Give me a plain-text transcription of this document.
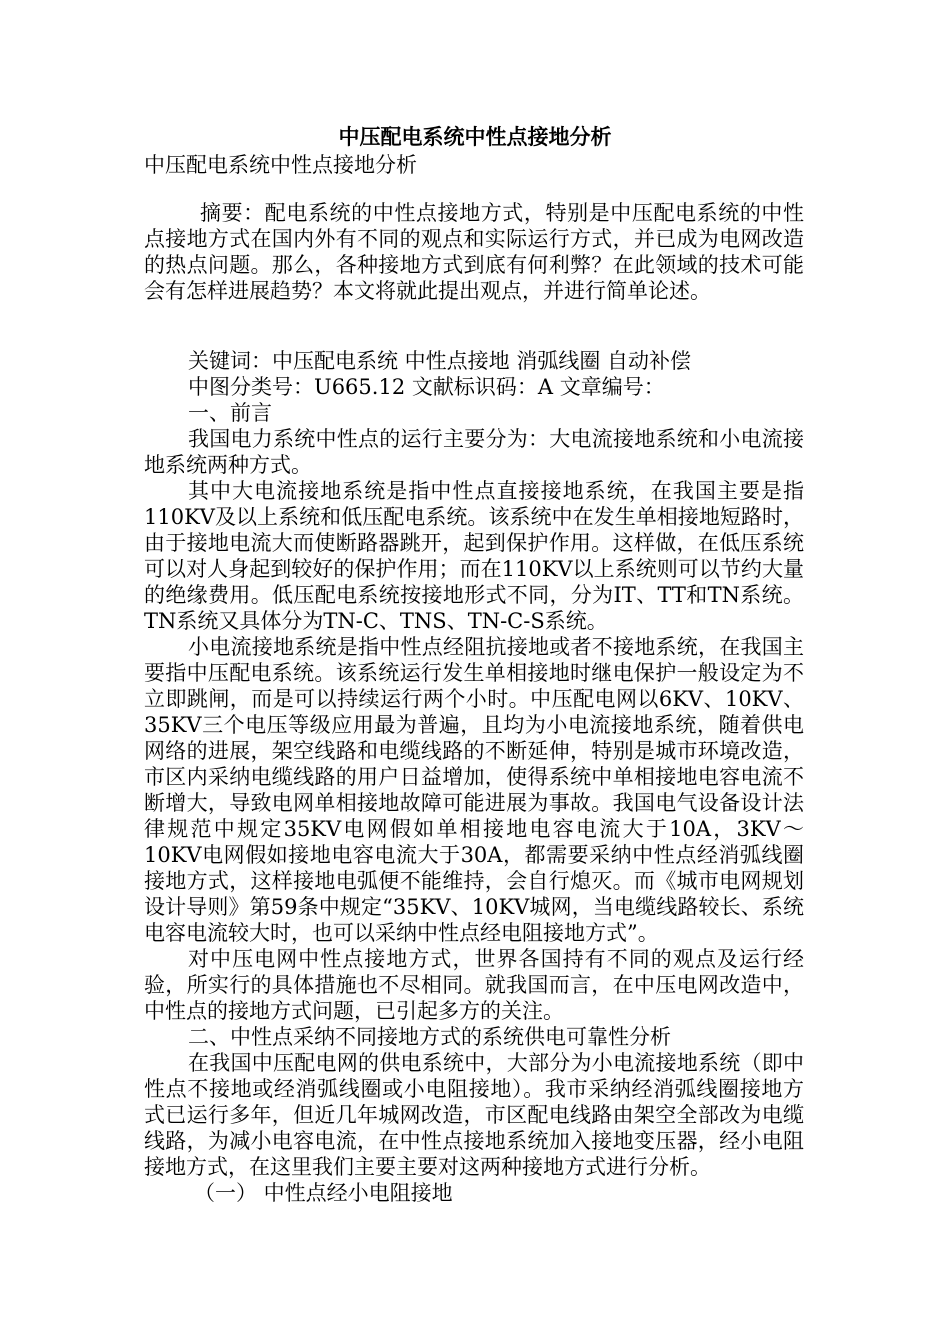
中压配电系统中性点接地分析
中压配电系统中性点接地分析

摘要：配电系统的中性点接地方式，特别是中压配电系统的中性点接地方式在国内外有不同的观点和实际运行方式，并已成为电网改造的热点问题。那么，各种接地方式到底有何利弊？在此领域的技术可能会有怎样进展趋势？本文将就此提出观点，并进行简单论述。

关键词：中压配电系统 中性点接地 消弧线圈 自动补偿

中图分类号：U665.12 文献标识码：A 文章编号：

一、前言

我国电力系统中性点的运行主要分为：大电流接地系统和小电流接地系统两种方式。

其中大电流接地系统是指中性点直接接地系统，在我国主要是指110KV及以上系统和低压配电系统。该系统中在发生单相接地短路时，由于接地电流大而使断路器跳开，起到保护作用。这样做，在低压系统可以对人身起到较好的保护作用；而在110KV以上系统则可以节约大量的绝缘费用。低压配电系统按接地形式不同，分为IT、TT和TN系统。TN系统又具体分为TN-C、TNS、TN-C-S系统。

小电流接地系统是指中性点经阻抗接地或者不接地系统，在我国主要指中压配电系统。该系统运行发生单相接地时继电保护一般设定为不立即跳闸，而是可以持续运行两个小时。中压配电网以6KV、10KV、35KV三个电压等级应用最为普遍，且均为小电流接地系统，随着供电网络的进展，架空线路和电缆线路的不断延伸，特别是城市环境改造，市区内采纳电缆线路的用户日益增加，使得系统中单相接地电容电流不断增大，导致电网单相接地故障可能进展为事故。我国电气设备设计法律规范中规定35KV电网假如单相接地电容电流大于10A，3KV～10KV电网假如接地电容电流大于30A，都需要采纳中性点经消弧线圈接地方式，这样接地电弧便不能维持，会自行熄灭。而《城市电网规划设计导则》第59条中规定“35KV、10KV城网，当电缆线路较长、系统电容电流较大时，也可以采纳中性点经电阻接地方式”。

对中压电网中性点接地方式，世界各国持有不同的观点及运行经验，所实行的具体措施也不尽相同。就我国而言，在中压电网改造中，中性点的接地方式问题，已引起多方的关注。

二、中性点采纳不同接地方式的系统供电可靠性分析

在我国中压配电网的供电系统中，大部分为小电流接地系统（即中性点不接地或经消弧线圈或小电阻接地）。我市采纳经消弧线圈接地方式已运行多年，但近几年城网改造，市区配电线路由架空全部改为电缆线路，为减小电容电流，在中性点接地系统加入接地变压器，经小电阻接地方式，在这里我们主要主要对这两种接地方式进行分析。

（一） 中性点经小电阻接地
